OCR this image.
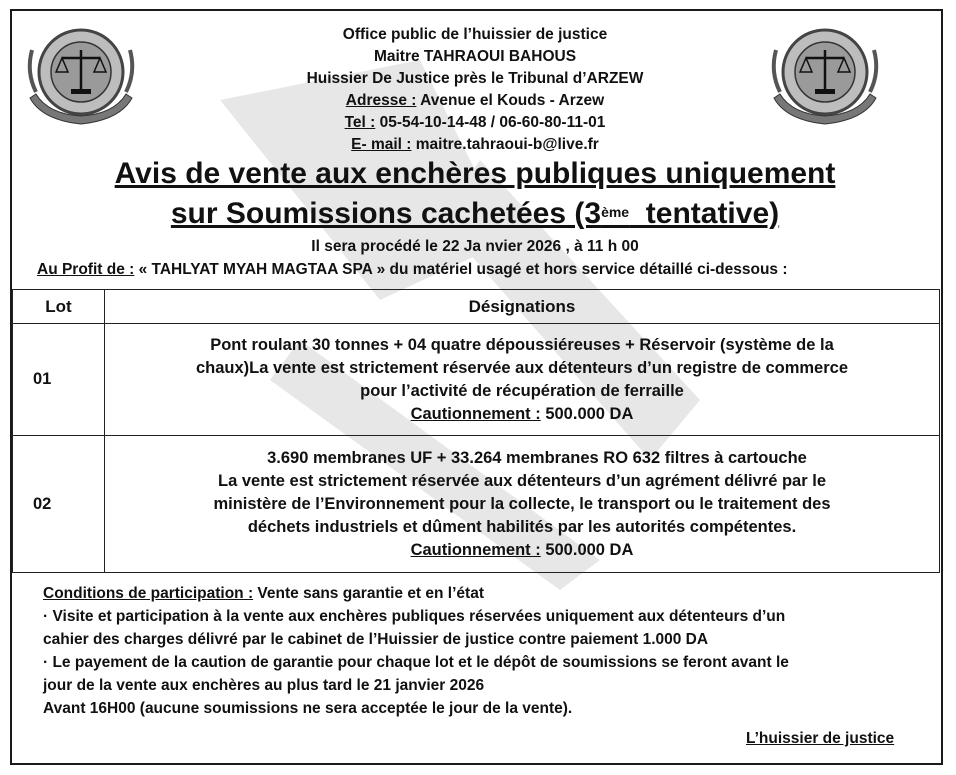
Office public de l’huissier de justice
Maitre TAHRAOUI BAHOUS
Huissier De Justice près le Tribunal d’ARZEW
Adresse : Avenue el Kouds - Arzew
Tel : 05-54-10-14-48 / 06-60-80-11-01
E- mail : maitre.tahraoui-b@live.fr
Avis de vente aux enchères publiques uniquement
sur Soumissions cachetées (3ème  tentative)
Il sera procédé le 22 Ja nvier 2026 , à 11 h 00
Au Profit de : « TAHLYAT MYAH MAGTAA SPA » du matériel usagé et hors service détaillé ci-dessous :
Lot	Désignations
01	Pont roulant 30 tonnes + 04 quatre dépoussiéreuses + Réservoir (système de la
chaux)La vente est strictement réservée aux détenteurs d’un registre de commerce
pour l’activité de récupération de ferraille
Cautionnement : 500.000 DA

02	3.690 membranes UF + 33.264 membranes RO 632 filtres à cartouche
La vente est strictement réservée aux détenteurs d’un agrément délivré par le
ministère de l’Environnement pour la collecte, le transport ou le traitement des
déchets industriels et dûment habilités par les autorités compétentes.
Cautionnement : 500.000 DA
Conditions de participation : Vente sans garantie et en l’état
· Visite et participation à la vente aux enchères publiques réservées uniquement aux détenteurs d’un
cahier des charges délivré par le cabinet de l’Huissier de justice contre paiement 1.000 DA
· Le payement de la caution de garantie pour chaque lot et le dépôt de soumissions se feront avant le
jour de la vente aux enchères au plus tard le 21 janvier 2026
Avant 16H00 (aucune soumissions ne sera acceptée le jour de la vente).
L’huissier de justice
